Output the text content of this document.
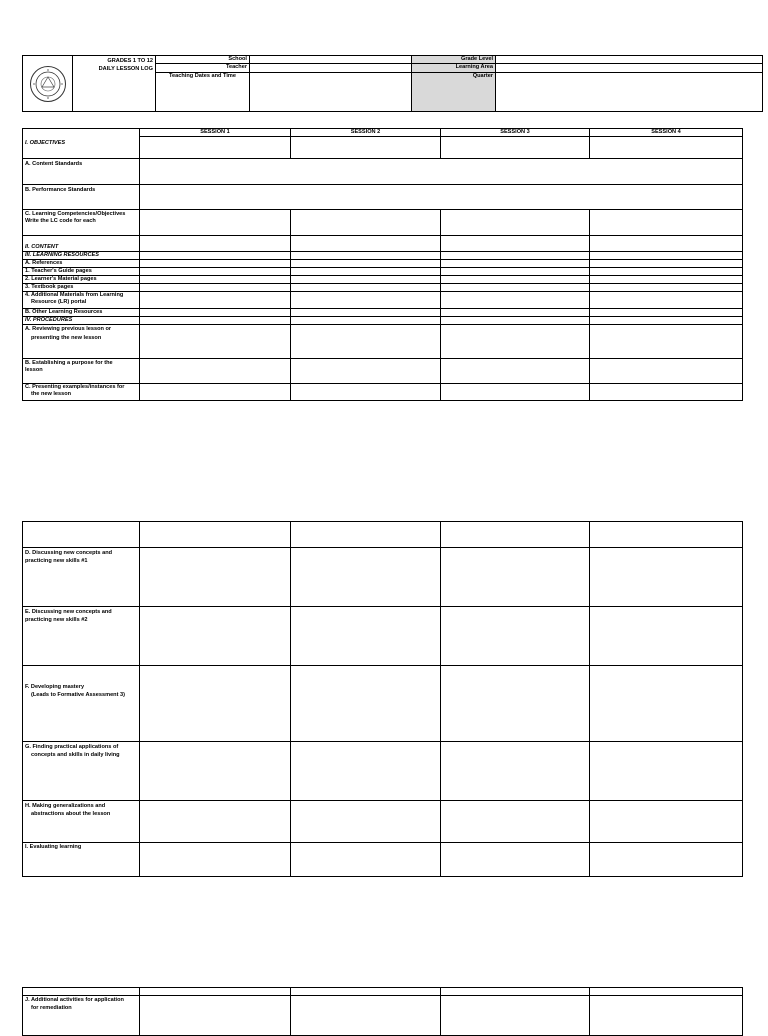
GRADES 1 TO 12
DAILY LESSON LOG	School		Grade Level	
		Teacher		Learning Area	
		Teaching Dates and Time		Quarter	
I. OBJECTIVES	SESSION 1	SESSION 2	SESSION 3	SESSION 4

A. Content Standards				
B. Performance Standards				

C. Learning Competencies/Objectives
Write the LC code for each				

II. CONTENT				
III. LEARNING RESOURCES				
A. References				
1. Teacher's Guide pages				
2. Learner's Material pages				
3. Textbook pages				

4. Additional Materials from Learning
Resource (LR) portal				

B. Other Learning Resources				
IV. PROCEDURES				

A. Reviewing previous lesson or
presenting the new lesson				

B. Establishing a purpose for the
lesson				

C. Presenting examples/instances for
the new lesson				

D. Discussing new concepts and
practicing new skills #1				

E. Discussing new concepts and
practicing new skills #2				

F. Developing mastery
(Leads to Formative Assessment 3)				

G. Finding practical applications of
concepts and skills in daily living				

H. Making generalizations and
abstractions about the lesson				

I. Evaluating learning				

J. Additional activities for application
for remediation				
